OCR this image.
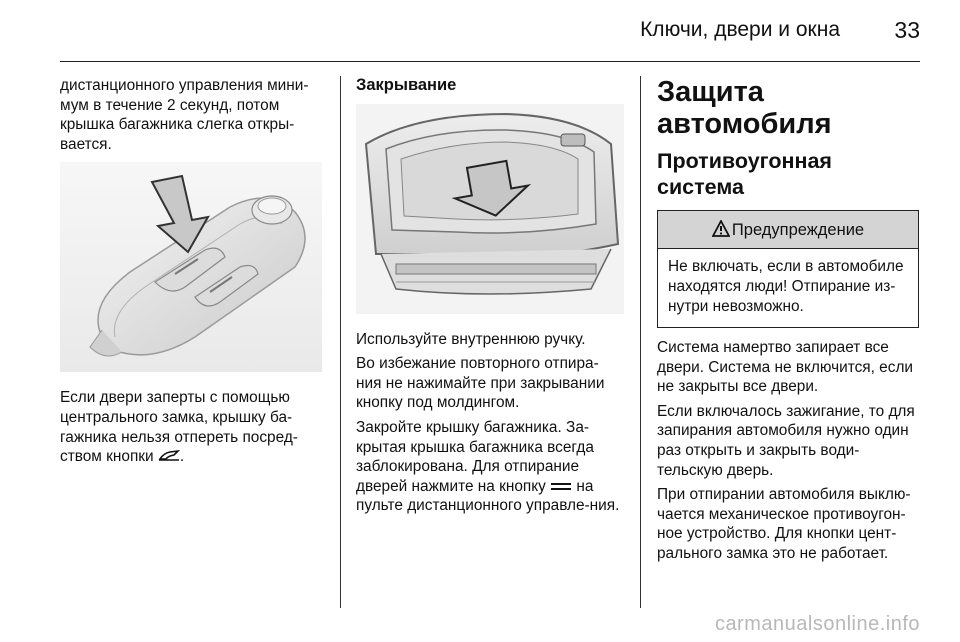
Ключи, двери и окна 33

дистанционного управления мини-мум в течение 2 секунд, потом крышка багажника слегка откры-вается.

Если двери заперты с помощью центрального замка, крышку ба-гажника нельзя отпереть посред-ством кнопки .

Закрывание

Используйте внутреннюю ручку.

Во избежание повторного отпира-ния не нажимайте при закрывании кнопку под молдингом.

Закройте крышку багажника. За-крытая крышка багажника всегда заблокирована. Для отпирание дверей нажмите на кнопку  на пульте дистанционного управле-ния.

Защита автомобиля
Противоугонная система
Предупреждение
Не включать, если в автомобиле находятся люди! Отпирание из-нутри невозможно.

Система намертво запирает все двери. Система не включится, если не закрыты все двери.

Если включалось зажигание, то для запирания автомобиля нужно один раз открыть и закрыть води-тельскую дверь.

При отпирании автомобиля выклю-чается механическое противоугон-ное устройство. Для кнопки цент-рального замка это не работает.

carmanualsonline.info
